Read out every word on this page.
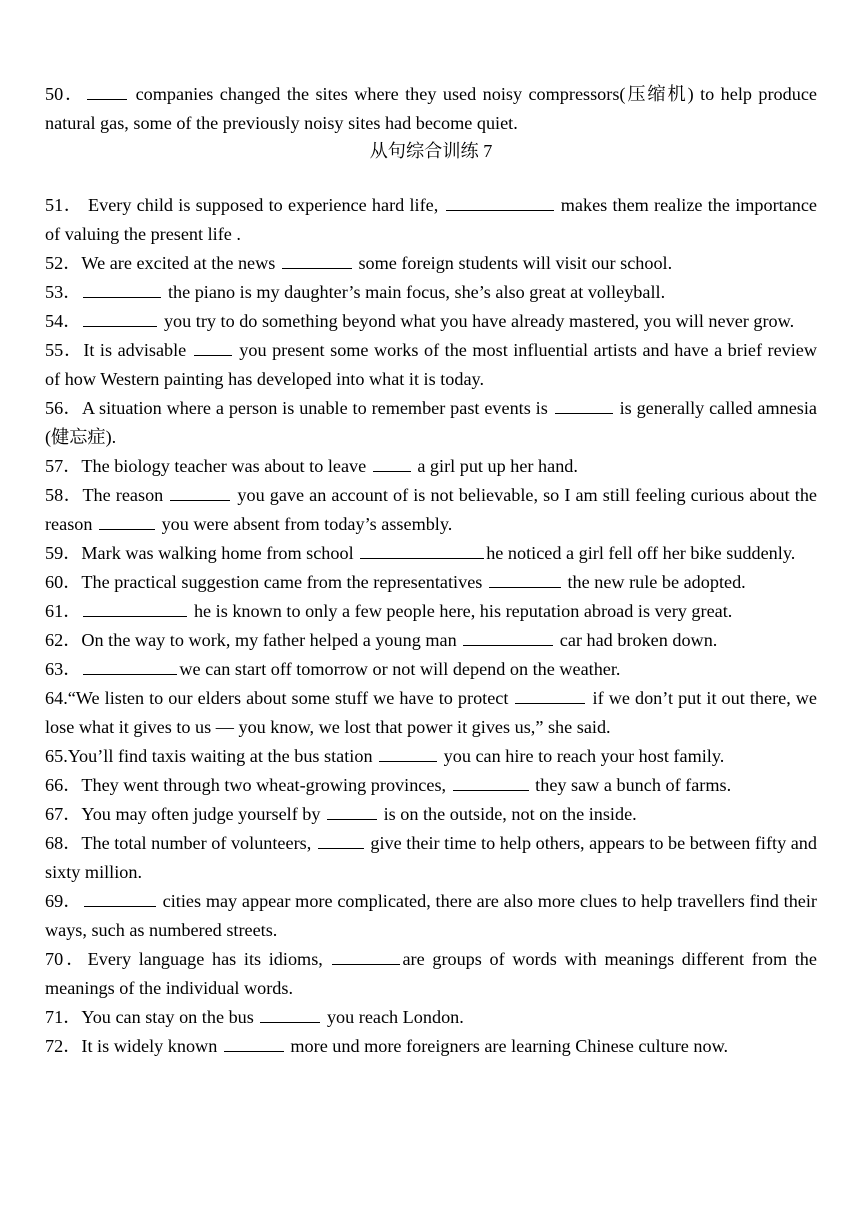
50． companies changed the sites where they used noisy compressors(压缩机) to help produce natural gas, some of the previously noisy sites had become quiet.

从句综合训练 7

51． Every child is supposed to experience hard life,	makes them realize the importance of valuing the present life .

52．We are excited at the news	some foreign students will visit our school.

53．	the piano is my daughter’s main focus, she’s also great at volleyball.

54．	you try to do something beyond what you have already mastered, you will never grow.

55．It is advisable  you present some works of the most influential artists and have a brief review of how Western painting has developed into what it is today.

56．A situation where a person is unable to remember past events is	is generally called amnesia (健忘症).

57．The biology teacher was about to leave  a girl put up her hand.

58．The reason	you gave an account of is not believable, so I am still feeling curious about the reason	you were absent from today’s assembly.

59．Mark was walking home from school	he noticed a girl fell off her bike suddenly.

60．The practical suggestion came from the representatives	the new rule be adopted.

61．	he is known to only a few people here, his reputation abroad is very great.

62．On the way to work, my father helped a young man	car had broken down.

63．	we can start off tomorrow or not will depend on the weather.

64.“We listen to our elders about some stuff we have to protect	if we don’t put it out there, we lose what it gives to us — you know, we lost that power it gives us,” she said.

65.You’ll find taxis waiting at the bus station	you can hire to reach your host family.

66．They went through two wheat-growing provinces,	they saw a bunch of farms.

67．You may often judge yourself by	is on the outside, not on the inside.

68．The total number of volunteers,	give their time to help others, appears to be between fifty and sixty million.

69．	cities may appear more complicated, there are also more clues to help travellers find their ways, such as numbered streets.

70．Every language has its idioms,	are groups of words with meanings different from the meanings of the individual words.

71．You can stay on the bus	you reach London.

72．It is widely known	more und more foreigners are learning Chinese culture now.
